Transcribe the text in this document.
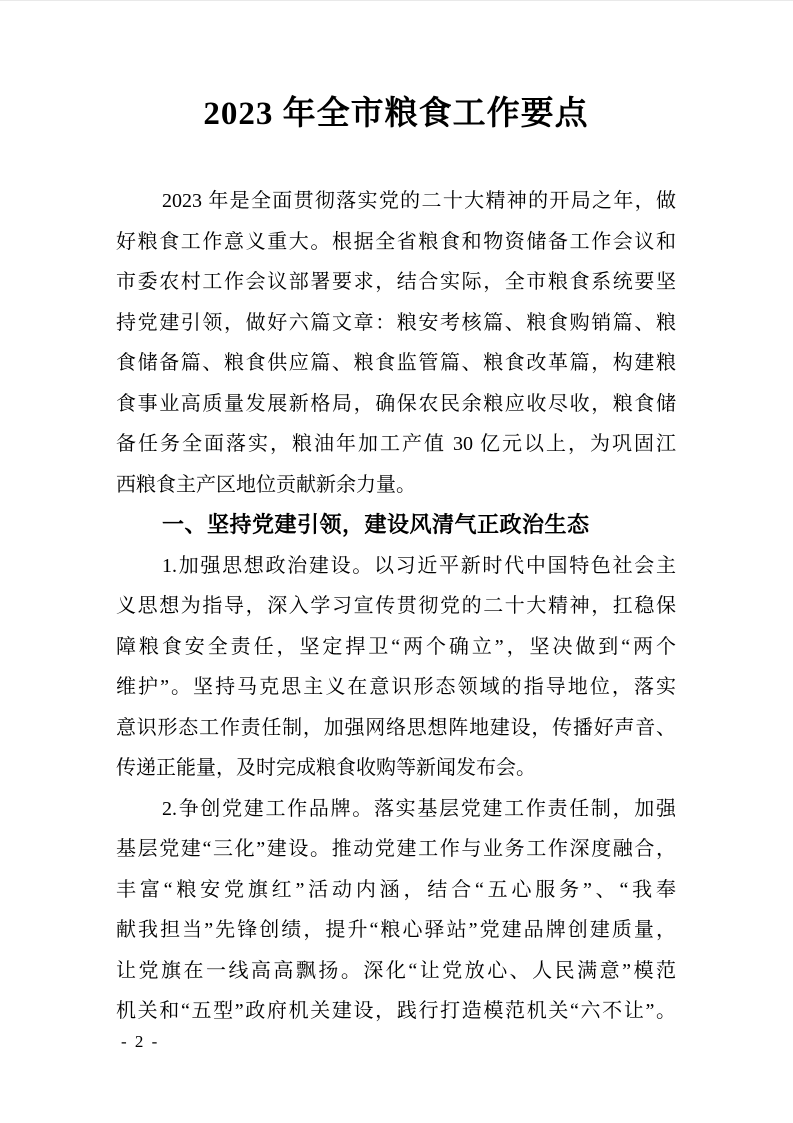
2023 年全市粮食工作要点
2023 年是全面贯彻落实党的二十大精神的开局之年，做
好粮食工作意义重大。根据全省粮食和物资储备工作会议和
市委农村工作会议部署要求，结合实际，全市粮食系统要坚
持党建引领，做好六篇文章：粮安考核篇、粮食购销篇、粮
食储备篇、粮食供应篇、粮食监管篇、粮食改革篇，构建粮
食事业高质量发展新格局，确保农民余粮应收尽收，粮食储
备任务全面落实，粮油年加工产值 30 亿元以上，为巩固江
西粮食主产区地位贡献新余力量。
一、坚持党建引领，建设风清气正政治生态
1.加强思想政治建设。以习近平新时代中国特色社会主
义思想为指导，深入学习宣传贯彻党的二十大精神，扛稳保
障粮食安全责任，坚定捍卫“两个确立”，坚决做到“两个
维护”。坚持马克思主义在意识形态领域的指导地位，落实
意识形态工作责任制，加强网络思想阵地建设，传播好声音、
传递正能量，及时完成粮食收购等新闻发布会。
2.争创党建工作品牌。落实基层党建工作责任制，加强
基层党建“三化”建设。推动党建工作与业务工作深度融合，
丰富“粮安党旗红”活动内涵，结合“五心服务”、“我奉
献我担当”先锋创绩，提升“粮心驿站”党建品牌创建质量，
让党旗在一线高高飘扬。深化“让党放心、人民满意”模范
机关和“五型”政府机关建设，践行打造模范机关“六不让”。
- 2 -
